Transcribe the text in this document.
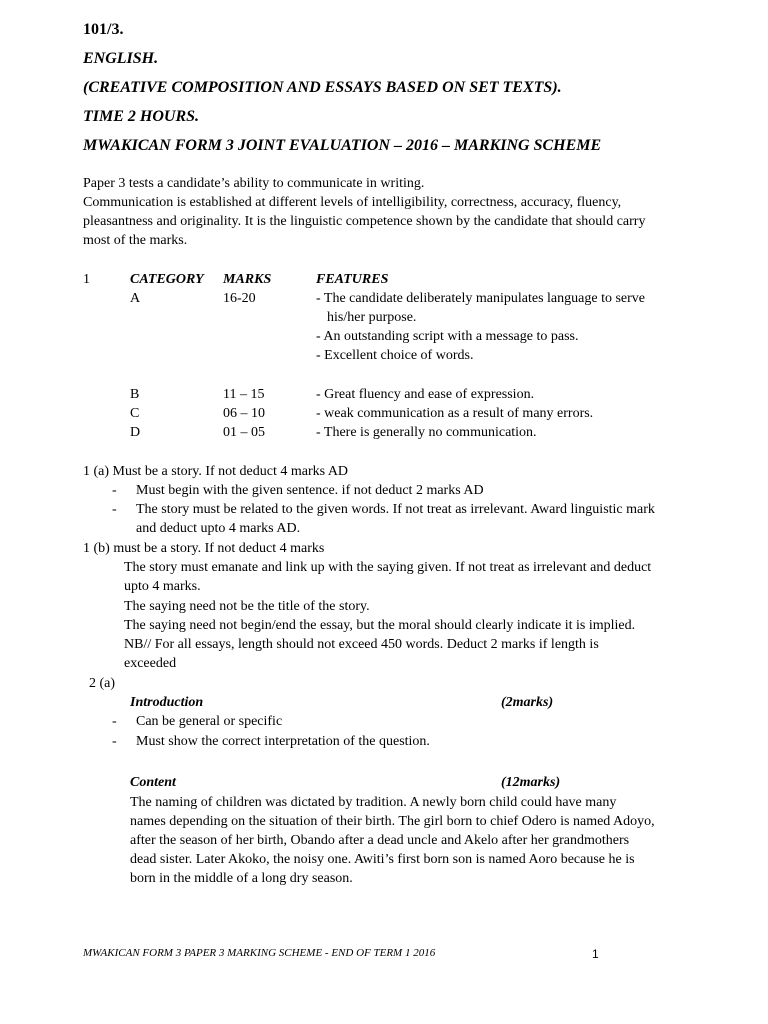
101/3.
ENGLISH.
(CREATIVE COMPOSITION AND ESSAYS BASED ON SET TEXTS).
TIME 2 HOURS.
MWAKICAN FORM 3 JOINT EVALUATION – 2016 – MARKING SCHEME
Paper 3 tests a candidate’s ability to communicate in writing.
Communication is established at different levels of intelligibility, correctness, accuracy, fluency,
pleasantness and originality. It is the linguistic competence shown by the candidate that should carry
most of the marks.
1	CATEGORY MARKS	FEATURES
A	16-20	- The candidate deliberately manipulates language to serve
his/her purpose.
- An outstanding script with a message to pass.
- Excellent choice of words.
B	11 – 15	- Great fluency and ease of expression.
C	06 – 10	- weak communication as a result of many errors.
D	01 – 05	- There is generally no communication.
1 (a) Must be a story. If not deduct 4 marks AD
- Must begin with the given sentence. if not deduct 2 marks AD
- The story must be related to the given words. If not treat as irrelevant. Award linguistic mark
and deduct upto 4 marks AD.
1 (b) must be a story. If not deduct 4 marks
The story must emanate and link up with the saying given. If not treat as irrelevant and deduct
upto 4 marks.
The saying need not be the title of the story.
The saying need not begin/end the essay, but the moral should clearly indicate it is implied.
NB// For all essays, length should not exceed 450 words. Deduct 2 marks if length is
exceeded
2 (a)
Introduction	(2marks)
- Can be general or specific
- Must show the correct interpretation of the question.
Content	(12marks)
The naming of children was dictated by tradition. A newly born child could have many
names depending on the situation of their birth. The girl born to chief Odero is named Adoyo,
after the season of her birth, Obando after a dead uncle and Akelo after her grandmothers
dead sister. Later Akoko, the noisy one. Awiti’s first born son is named Aoro because he is
born in the middle of a long dry season.
MWAKICAN FORM 3 PAPER 3 MARKING SCHEME - END OF TERM 1 2016	1
